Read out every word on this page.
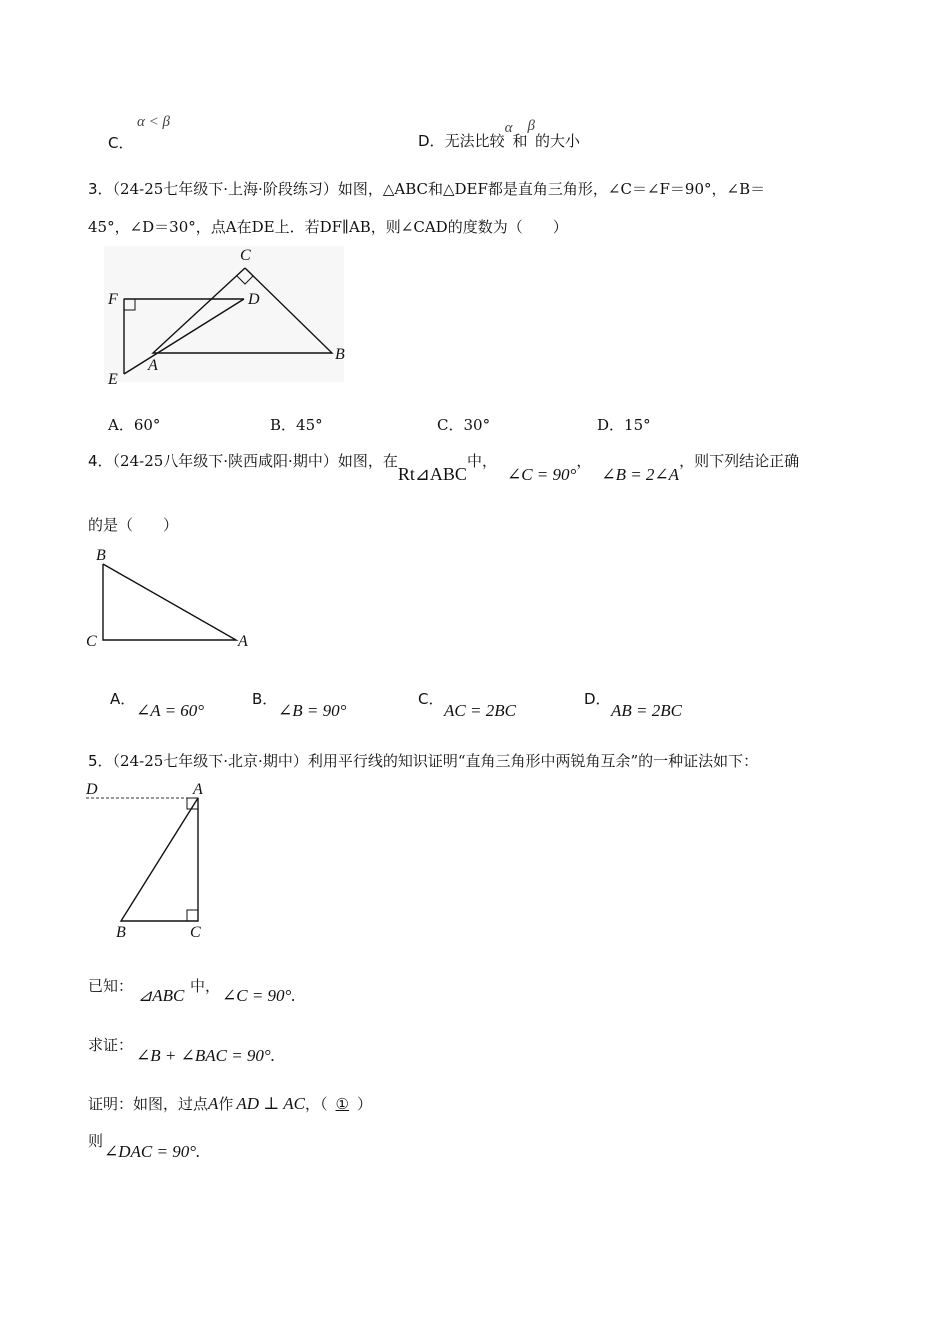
C．
α < β
D．无法比较α和β的大小
3．（24-25七年级下·上海·阶段练习）如图，△ABC和△DEF都是直角三角形，∠C＝∠F＝90°，∠B＝
45°，∠D＝30°，点A在DE上．若DF∥AB，则∠CAD的度数为（　　）
C
F	D
A
B
E
A．60°	B．45°	C．30°	D．15°
4．（24-25八年级下·陕西咸阳·期中）如图，在Rt⊿ABC中，∠C = 90°，∠B = 2∠A，则下列结论正确
的是（　　）
B
C	A
A．
∠A = 60°
B．
∠B = 90°
C．
AC = 2BC
D．
AB = 2BC
5．（24-25七年级下·北京·期中）利用平行线的知识证明“直角三角形中两锐角互余”的一种证法如下：
D	A
B	C
已知： ⊿ABC 中， ∠C = 90°.
求证：
∠B + ∠BAC = 90°.
证明：如图，过点A作 AD ⊥ AC，（ ① ）
则
∠DAC = 90°.
